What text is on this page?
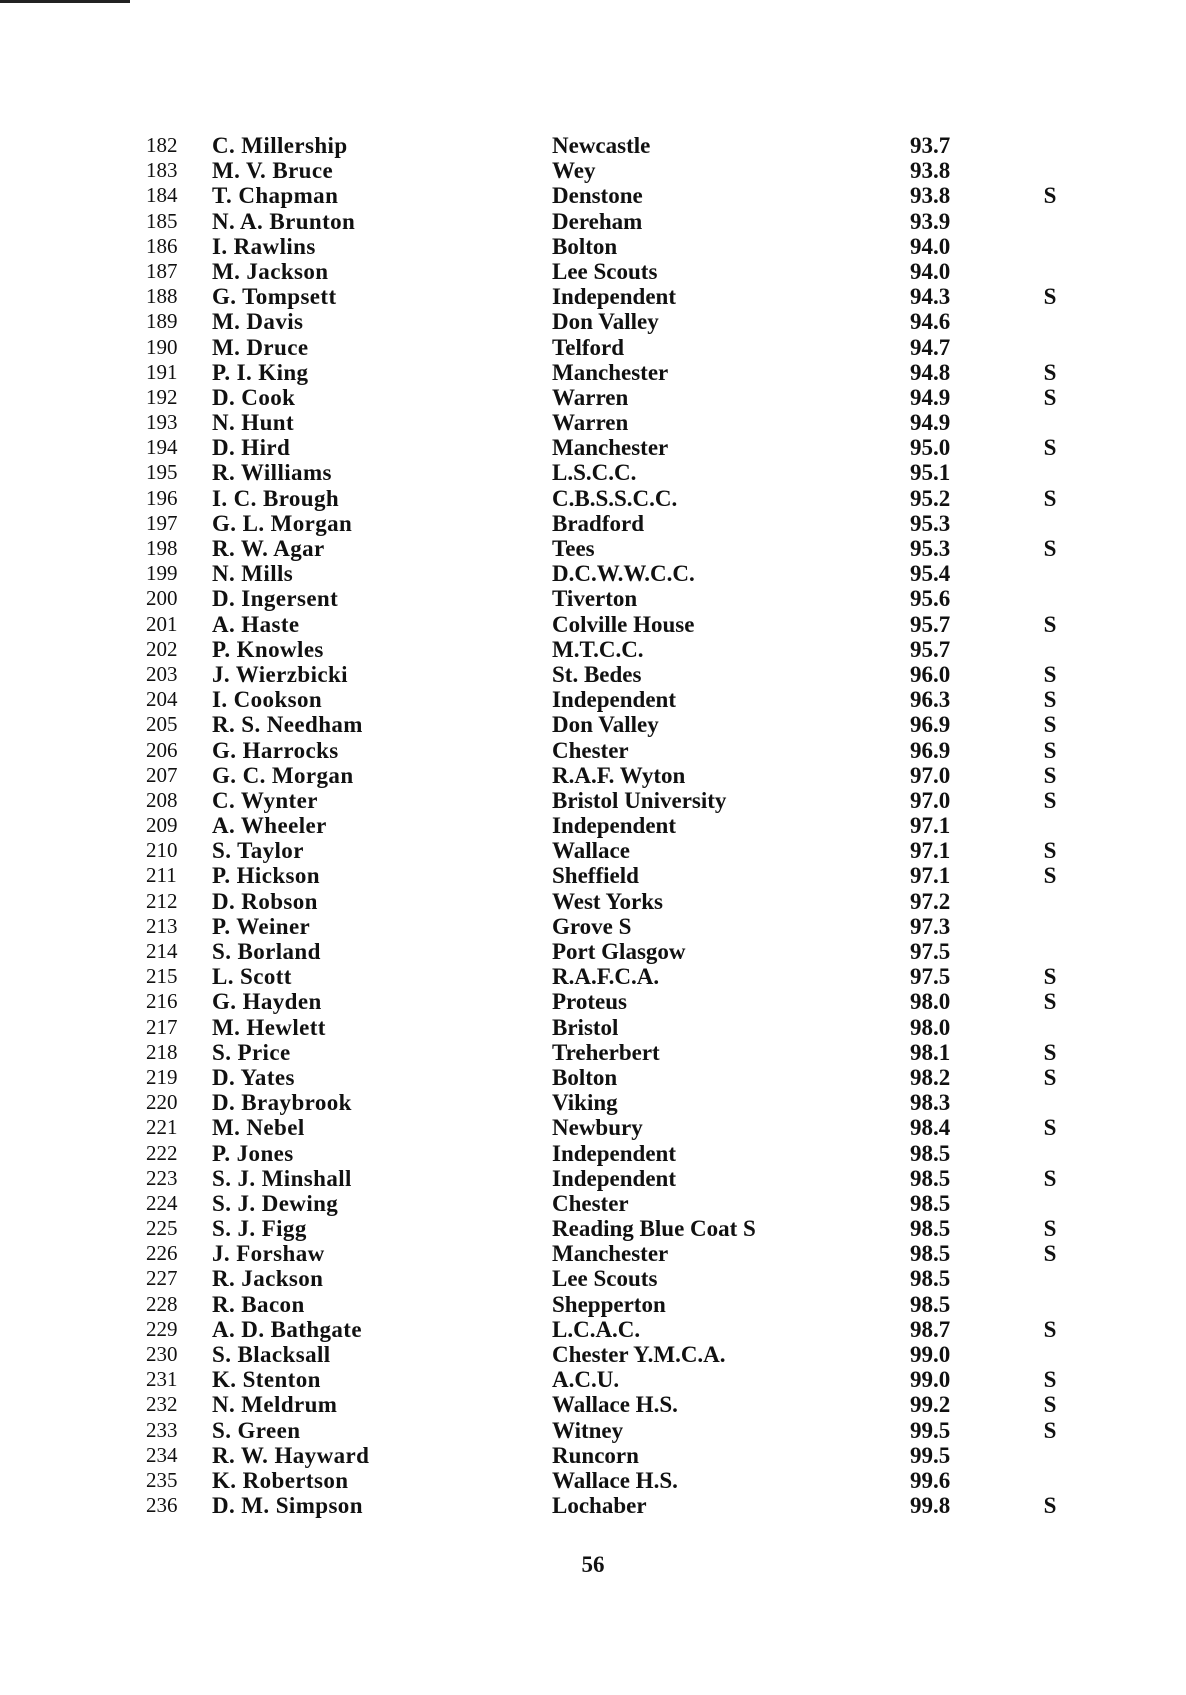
182	C. Millership	Newcastle	93.7
183	M. V. Bruce	Wey	93.8
184	T. Chapman	Denstone	93.8	S
185	N. A. Brunton	Dereham	93.9
186	I. Rawlins	Bolton	94.0
187	M. Jackson	Lee Scouts	94.0
188	G. Tompsett	Independent	94.3	S
189	M. Davis	Don Valley	94.6
190	M. Druce	Telford	94.7
191	P. I. King	Manchester	94.8	S
192	D. Cook	Warren	94.9	S
193	N. Hunt	Warren	94.9
194	D. Hird	Manchester	95.0	S
195	R. Williams	L.S.C.C.	95.1
196	I. C. Brough	C.B.S.S.C.C.	95.2	S
197	G. L. Morgan	Bradford	95.3
198	R. W. Agar	Tees	95.3	S
199	N. Mills	D.C.W.W.C.C.	95.4
200	D. Ingersent	Tiverton	95.6
201	A. Haste	Colville House	95.7	S
202	P. Knowles	M.T.C.C.	95.7
203	J. Wierzbicki	St. Bedes	96.0	S
204	I. Cookson	Independent	96.3	S
205	R. S. Needham	Don Valley	96.9	S
206	G. Harrocks	Chester	96.9	S
207	G. C. Morgan	R.A.F. Wyton	97.0	S
208	C. Wynter	Bristol University	97.0	S
209	A. Wheeler	Independent	97.1
210	S. Taylor	Wallace	97.1	S
211	P. Hickson	Sheffield	97.1	S
212	D. Robson	West Yorks	97.2
213	P. Weiner	Grove S	97.3
214	S. Borland	Port Glasgow	97.5
215	L. Scott	R.A.F.C.A.	97.5	S
216	G. Hayden	Proteus	98.0	S
217	M. Hewlett	Bristol	98.0
218	S. Price	Treherbert	98.1	S
219	D. Yates	Bolton	98.2	S
220	D. Braybrook	Viking	98.3
221	M. Nebel	Newbury	98.4	S
222	P. Jones	Independent	98.5
223	S. J. Minshall	Independent	98.5	S
224	S. J. Dewing	Chester	98.5
225	S. J. Figg	Reading Blue Coat S	98.5	S
226	J. Forshaw	Manchester	98.5	S
227	R. Jackson	Lee Scouts	98.5
228	R. Bacon	Shepperton	98.5
229	A. D. Bathgate	L.C.A.C.	98.7	S
230	S. Blacksall	Chester Y.M.C.A.	99.0
231	K. Stenton	A.C.U.	99.0	S
232	N. Meldrum	Wallace H.S.	99.2	S
233	S. Green	Witney	99.5	S
234	R. W. Hayward	Runcorn	99.5
235	K. Robertson	Wallace H.S.	99.6
236	D. M. Simpson	Lochaber	99.8	S
56
